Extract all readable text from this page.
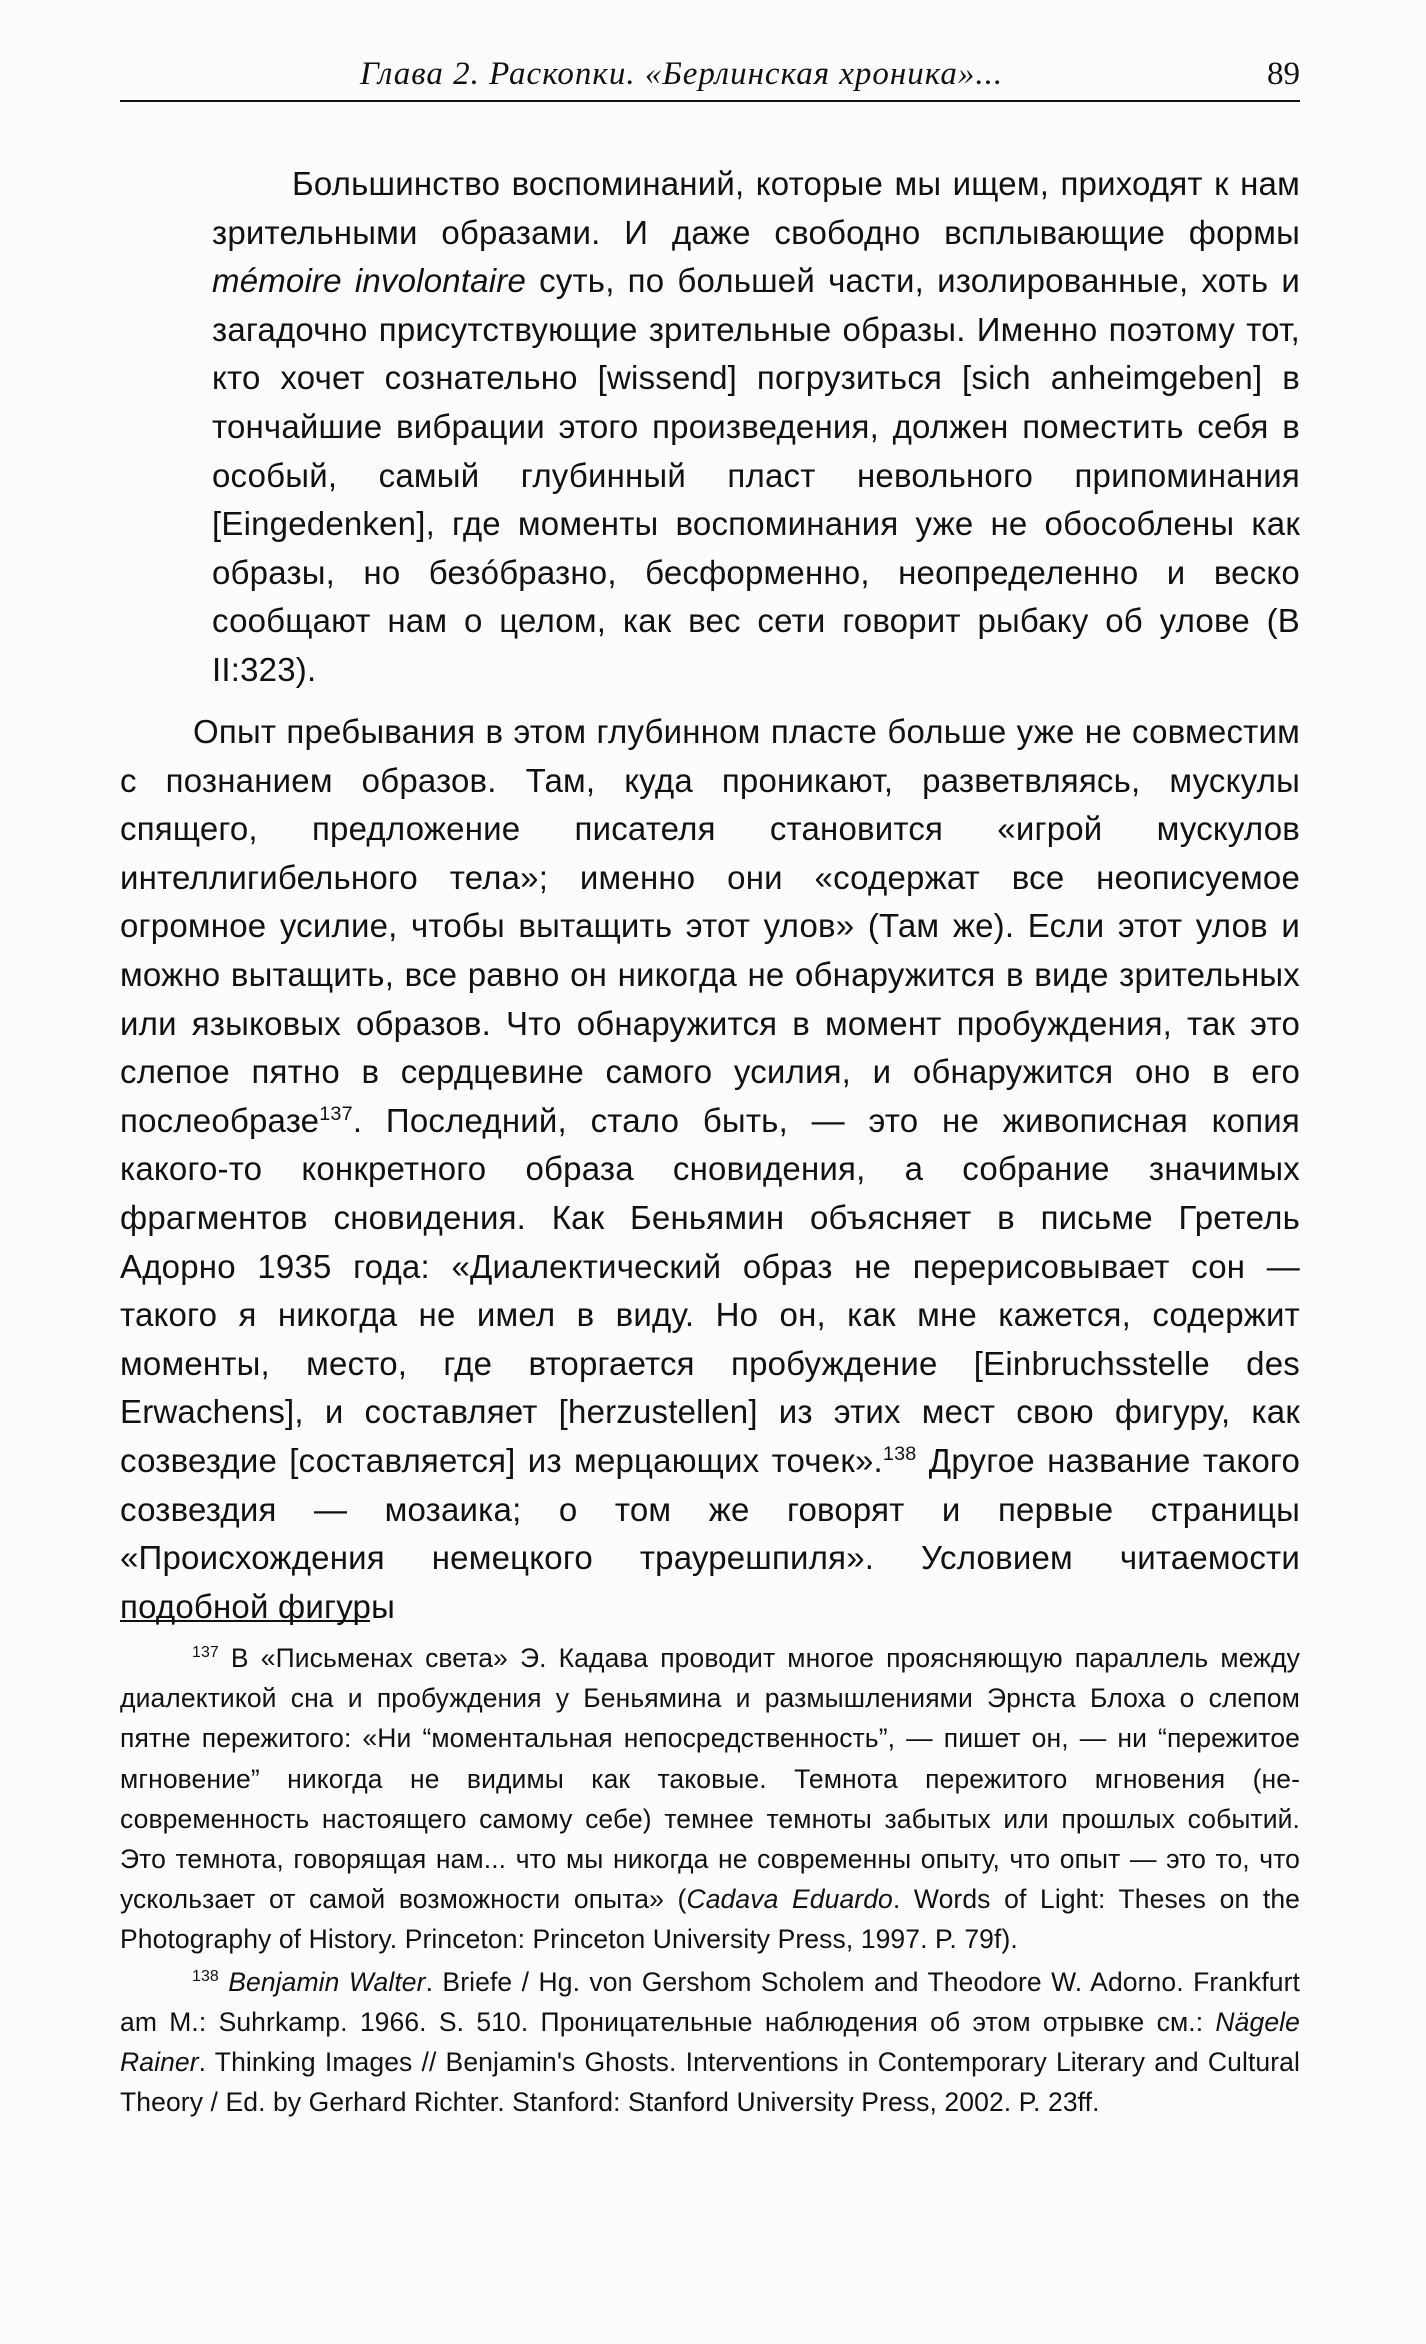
Глава 2. Раскопки. «Берлинская хроника»...	89

Большинство воспоминаний, которые мы ищем, приходят к нам зрительными образами. И даже свободно всплывающие формы mémoire involontaire суть, по большей части, изолированные, хоть и загадочно присутствующие зрительные образы. Именно поэтому тот, кто хочет сознательно [wissend] погрузиться [sich anheimgeben] в тончайшие вибрации этого произведения, должен поместить себя в особый, самый глубинный пласт невольного припоминания [Eingedenken], где моменты воспоминания уже не обособлены как образы, но безóбразно, бесформенно, неопределенно и веско сообщают нам о целом, как вес сети говорит рыбаку об улове (B II:323).

Опыт пребывания в этом глубинном пласте больше уже не совместим с познанием образов. Там, куда проникают, разветвляясь, мускулы спящего, предложение писателя становится «игрой мускулов интеллигибельного тела»; именно они «содержат все неописуемое огромное усилие, чтобы вытащить этот улов» (Там же). Если этот улов и можно вытащить, все равно он никогда не обнаружится в виде зрительных или языковых образов. Что обнаружится в момент пробуждения, так это слепое пятно в сердцевине самого усилия, и обнаружится оно в его послеобразе$^{137}$. Последний, стало быть, — это не живописная копия какого-то конкретного образа сновидения, а собрание значимых фрагментов сновидения. Как Беньямин объясняет в письме Гретель Адорно 1935 года: «Диалектический образ не перерисовывает сон — такого я никогда не имел в виду. Но он, как мне кажется, содержит моменты, место, где вторгается пробуждение [Einbruchsstelle des Erwachens], и составляет [herzustellen] из этих мест свою фигуру, как созвездие [составляется] из мерцающих точек».$^{138}$ Другое название такого созвездия — мозаика; о том же говорят и первые страницы «Происхождения немецкого траурешпиля». Условием читаемости подобной фигуры

$^{137}$ В «Письменах света» Э. Кадава проводит многое проясняющую параллель между диалектикой сна и пробуждения у Беньямина и размышлениями Эрнста Блоха о слепом пятне пережитого: «Ни “моментальная непосредственность”, — пишет он, — ни “пережитое мгновение” никогда не видимы как таковые. Темнота пережитого мгновения (не-современность настоящего самому себе) темнее темноты забытых или прошлых событий. Это темнота, говорящая нам... что мы никогда не современны опыту, что опыт — это то, что ускользает от самой возможности опыта» (Cadava Eduardo. Words of Light: Theses on the Photography of History. Princeton: Princeton University Press, 1997. P. 79f).

$^{138}$ Benjamin Walter. Briefe / Hg. von Gershom Scholem and Theodore W. Adorno. Frankfurt am M.: Suhrkamp. 1966. S. 510. Проницательные наблюдения об этом отрывке см.: Nägele Rainer. Thinking Images // Benjamin's Ghosts. Interventions in Contemporary Literary and Cultural Theory / Ed. by Gerhard Richter. Stanford: Stanford University Press, 2002. P. 23ff.
